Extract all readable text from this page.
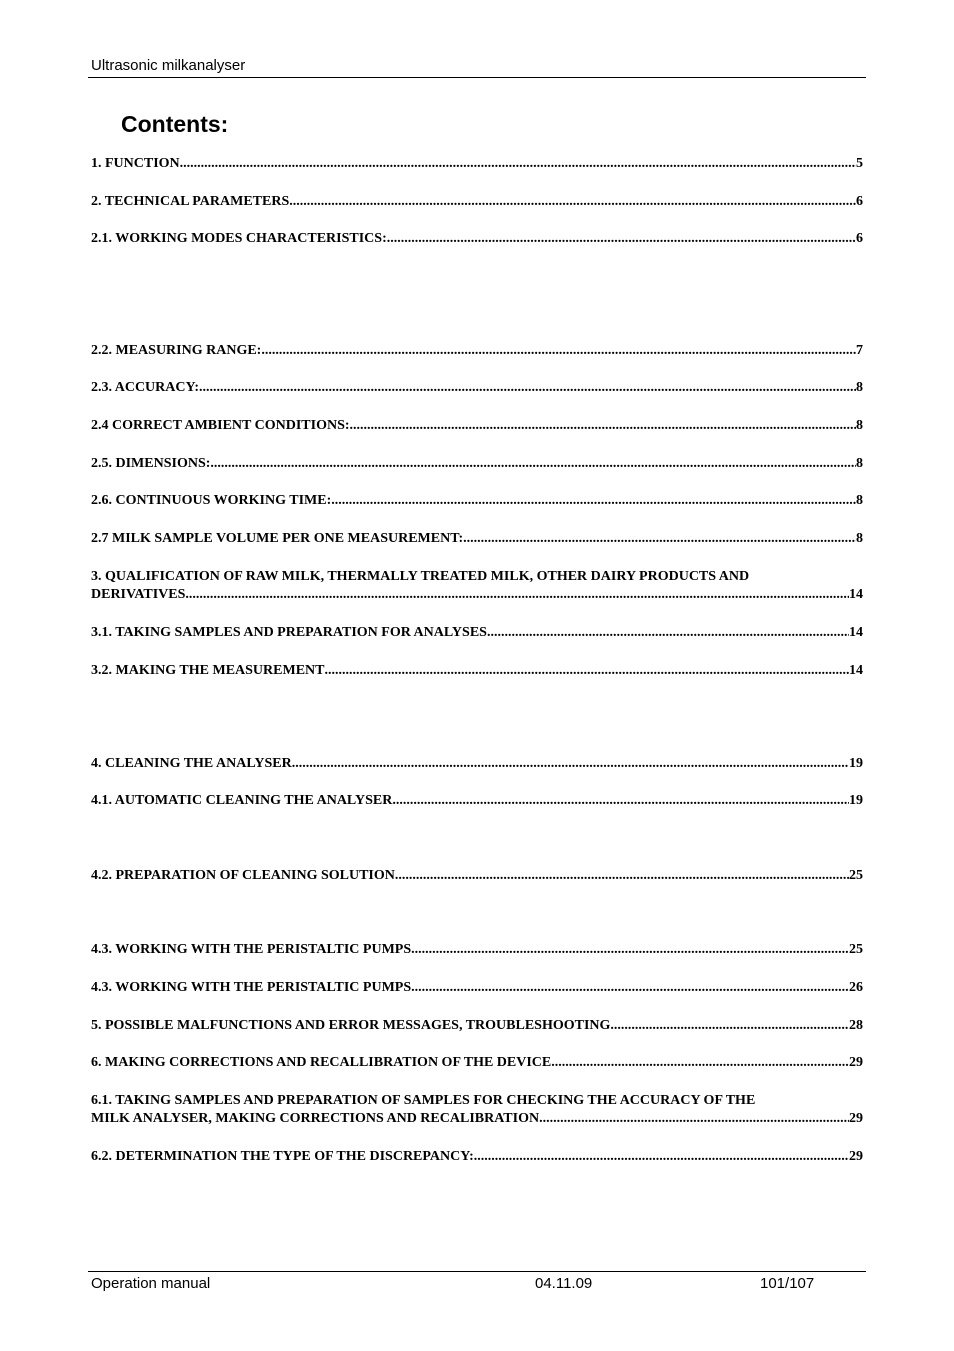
Ultrasonic milkanalyser
Contents:
1. FUNCTION .....	5
2. TECHNICAL PARAMETERS .....	6
2.1. WORKING MODES CHARACTERISTICS: .....	6
2.2. MEASURING RANGE: .....	7
2.3. ACCURACY: .....	8
2.4 CORRECT AMBIENT CONDITIONS: .....	8
2.5. DIMENSIONS: .....	8
2.6. CONTINUOUS WORKING TIME: .....	8
2.7 MILK SAMPLE VOLUME PER ONE MEASUREMENT: .....	8
3. QUALIFICATION OF RAW MILK, THERMALLY TREATED MILK, OTHER DAIRY PRODUCTS AND
DERIVATIVES .....	14
3.1. TAKING SAMPLES AND PREPARATION FOR ANALYSES .....	14
3.2. MAKING THE MEASUREMENT .....	14
4. CLEANING THE ANALYSER .....	19
4.1. AUTOMATIC CLEANING THE ANALYSER .....	19
4.2. PREPARATION OF CLEANING SOLUTION .....	25
4.3. WORKING WITH THE PERISTALTIC PUMPS .....	25
4.3. WORKING WITH THE PERISTALTIC PUMPS .....	26
5. POSSIBLE MALFUNCTIONS AND ERROR MESSAGES, TROUBLESHOOTING .....	28
6. MAKING CORRECTIONS AND RECALLIBRATION OF THE DEVICE .....	29
6.1. TAKING SAMPLES AND PREPARATION OF SAMPLES FOR CHECKING THE ACCURACY OF THE
MILK ANALYSER, MAKING CORRECTIONS AND RECALIBRATION .....	29
6.2. DETERMINATION THE TYPE OF THE DISCREPANCY: .....	29
Operation manual	04.11.09	101/107
